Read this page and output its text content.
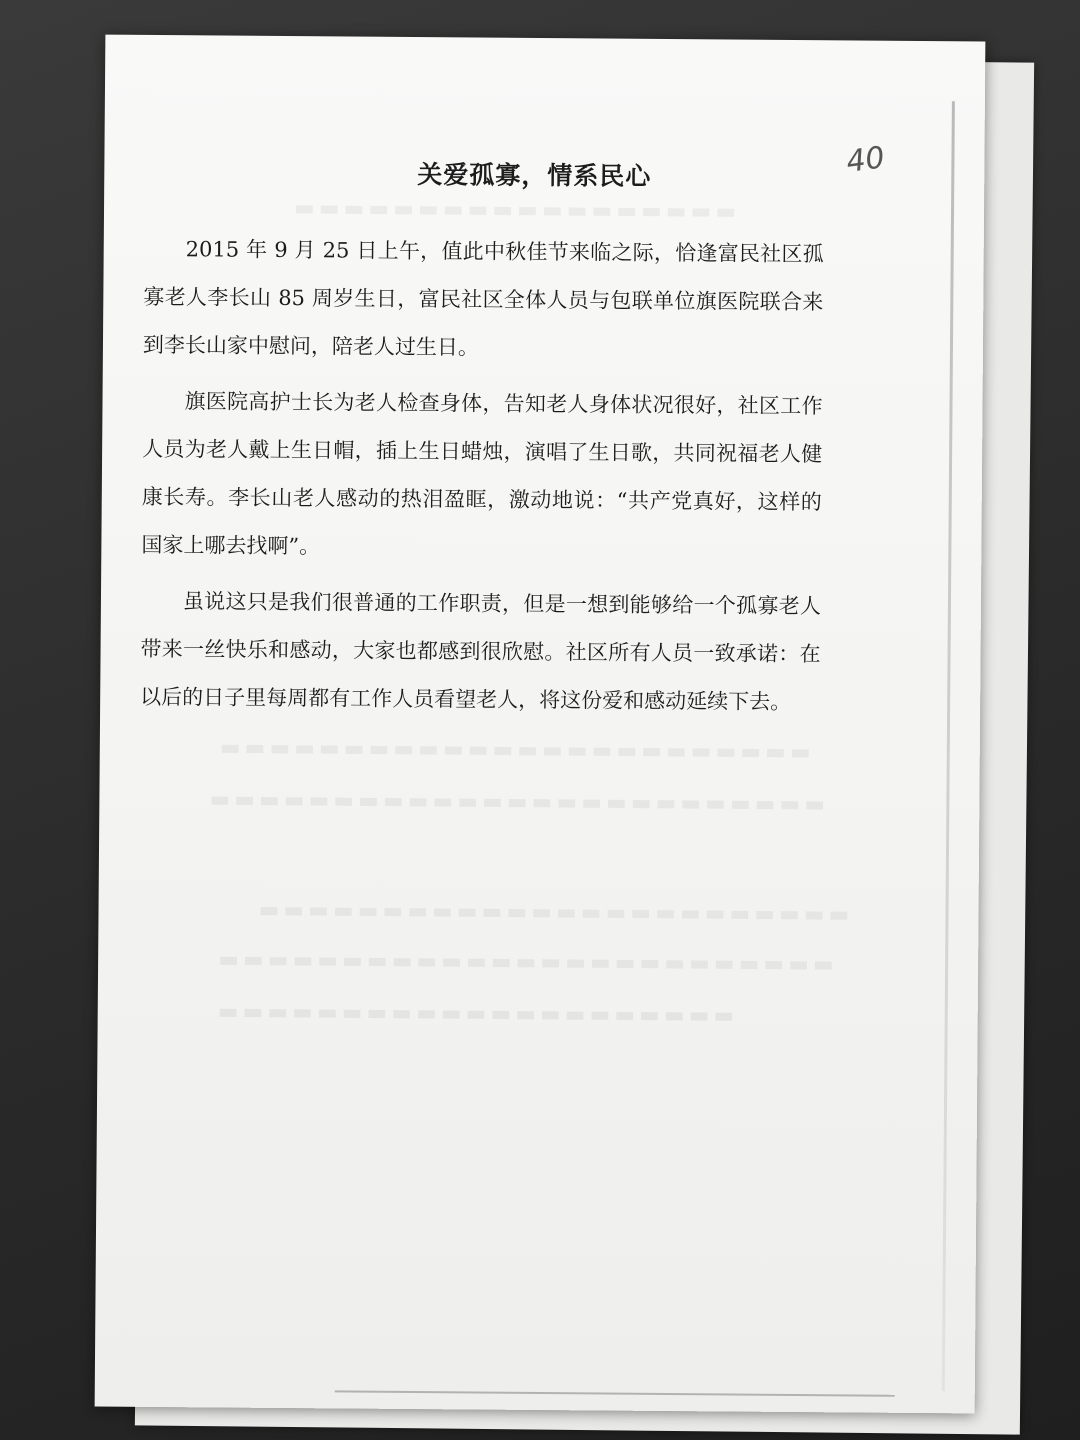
▬▬▬▬▬▬▬▬▬▬▬▬▬▬▬▬▬▬
▬▬▬▬▬▬▬▬▬▬▬▬▬▬▬▬▬▬▬▬▬▬▬▬
▬▬▬▬▬▬▬▬▬▬▬▬▬▬▬▬▬▬▬▬▬▬▬▬▬
▬▬▬▬▬▬▬▬▬▬▬▬▬▬▬▬▬▬▬▬▬▬▬▬
▬▬▬▬▬▬▬▬▬▬▬▬▬▬▬▬▬▬▬▬▬▬▬▬▬
▬▬▬▬▬▬▬▬▬▬▬▬▬▬▬▬▬▬▬▬▬
关爱孤寡，情系民心	40

2015 年 9 月 25 日上午，值此中秋佳节来临之际，恰逢富民社区孤寡老人李长山 85 周岁生日，富民社区全体人员与包联单位旗医院联合来到李长山家中慰问，陪老人过生日。

旗医院高护士长为老人检查身体，告知老人身体状况很好，社区工作人员为老人戴上生日帽，插上生日蜡烛，演唱了生日歌，共同祝福老人健康长寿。李长山老人感动的热泪盈眶，激动地说：“共产党真好，这样的国家上哪去找啊”。

虽说这只是我们很普通的工作职责，但是一想到能够给一个孤寡老人带来一丝快乐和感动，大家也都感到很欣慰。社区所有人员一致承诺：在以后的日子里每周都有工作人员看望老人，将这份爱和感动延续下去。
